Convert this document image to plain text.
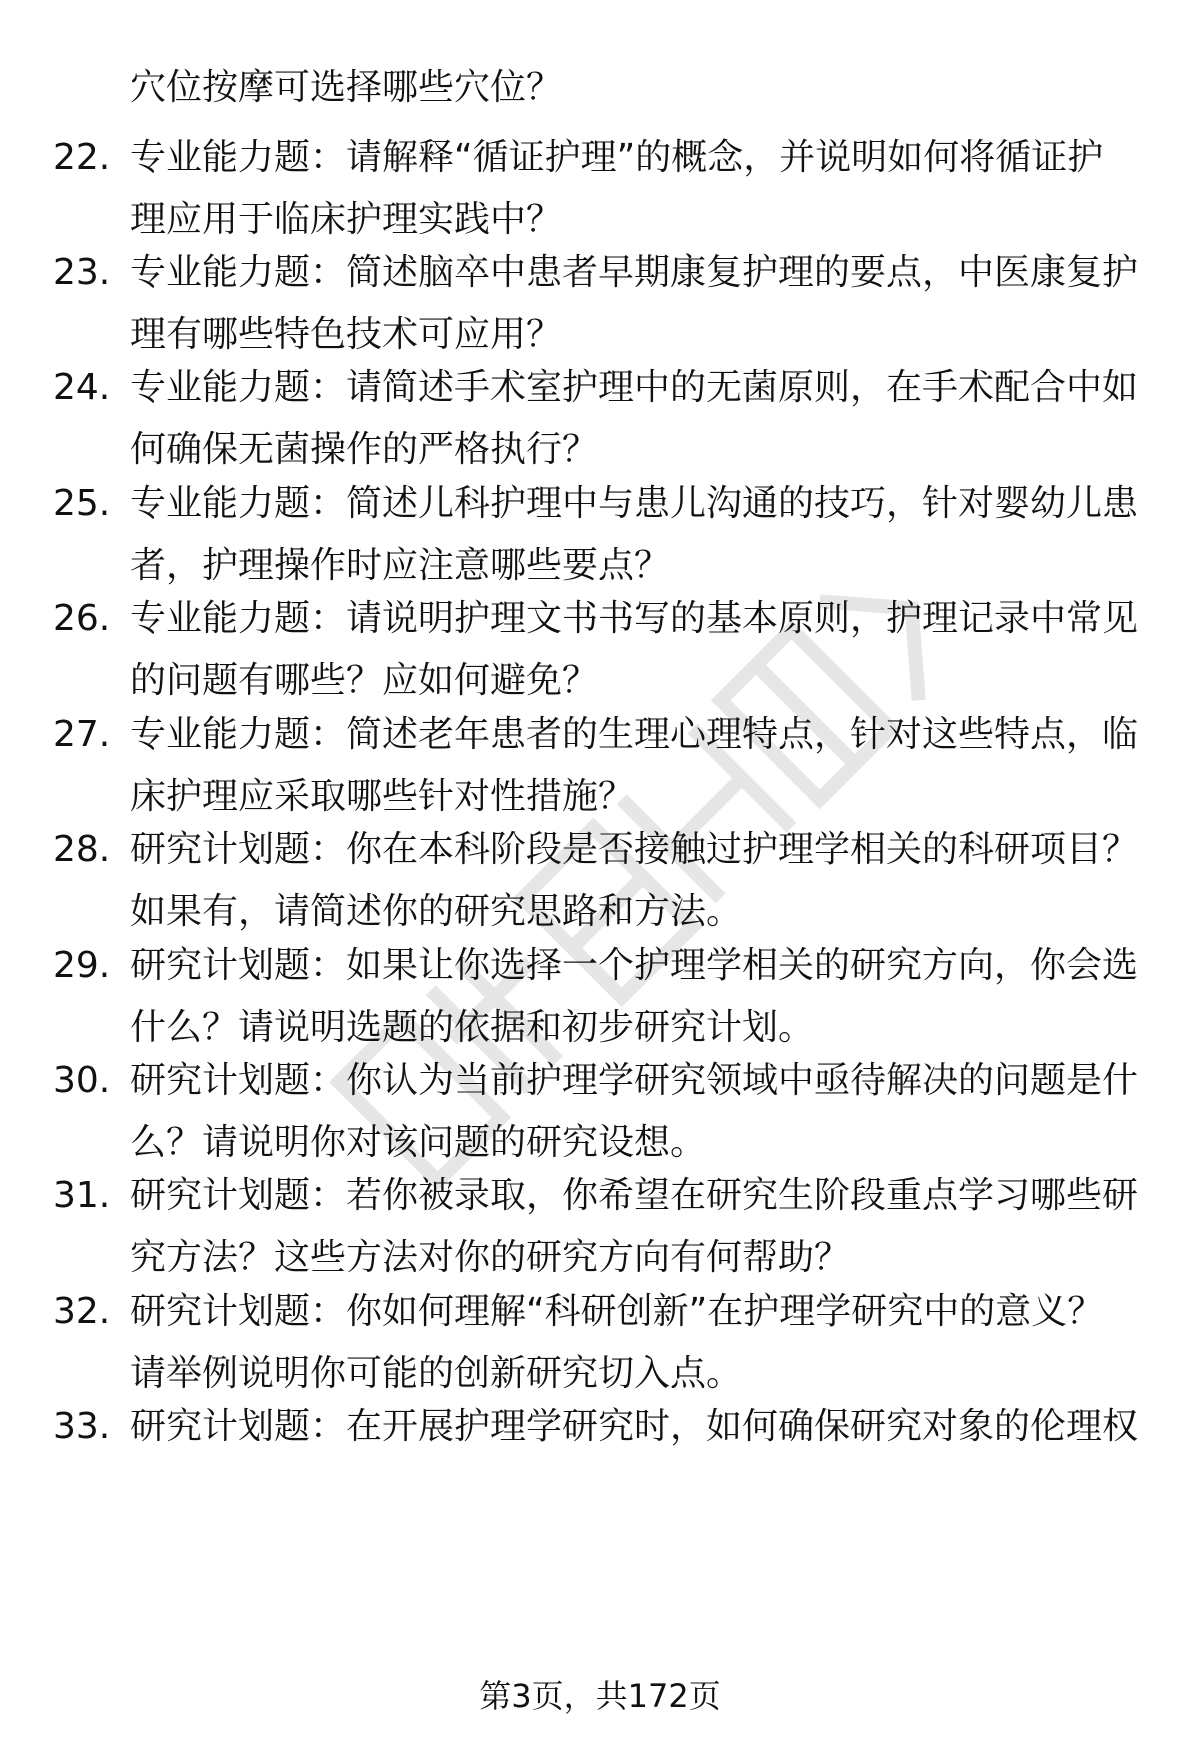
穴位按摩可选择哪些穴位？
22. 专业能力题：请解释“循证护理”的概念，并说明如何将循证护
理应用于临床护理实践中？
23. 专业能力题：简述脑卒中患者早期康复护理的要点，中医康复护
理有哪些特色技术可应用？
24. 专业能力题：请简述手术室护理中的无菌原则，在手术配合中如
何确保无菌操作的严格执行？
25. 专业能力题：简述儿科护理中与患儿沟通的技巧，针对婴幼儿患
者，护理操作时应注意哪些要点？
26. 专业能力题：请说明护理文书书写的基本原则，护理记录中常见
的问题有哪些？应如何避免？
27. 专业能力题：简述老年患者的生理心理特点，针对这些特点，临
床护理应采取哪些针对性措施？
28. 研究计划题：你在本科阶段是否接触过护理学相关的科研项目？
如果有，请简述你的研究思路和方法。
29. 研究计划题：如果让你选择一个护理学相关的研究方向，你会选
什么？请说明选题的依据和初步研究计划。
30. 研究计划题：你认为当前护理学研究领域中亟待解决的问题是什
么？请说明你对该问题的研究设想。
31. 研究计划题：若你被录取，你希望在研究生阶段重点学习哪些研
究方法？这些方法对你的研究方向有何帮助？
32. 研究计划题：你如何理解“科研创新”在护理学研究中的意义？
请举例说明你可能的创新研究切入点。
33. 研究计划题：在开展护理学研究时，如何确保研究对象的伦理权
第3页，共172页
